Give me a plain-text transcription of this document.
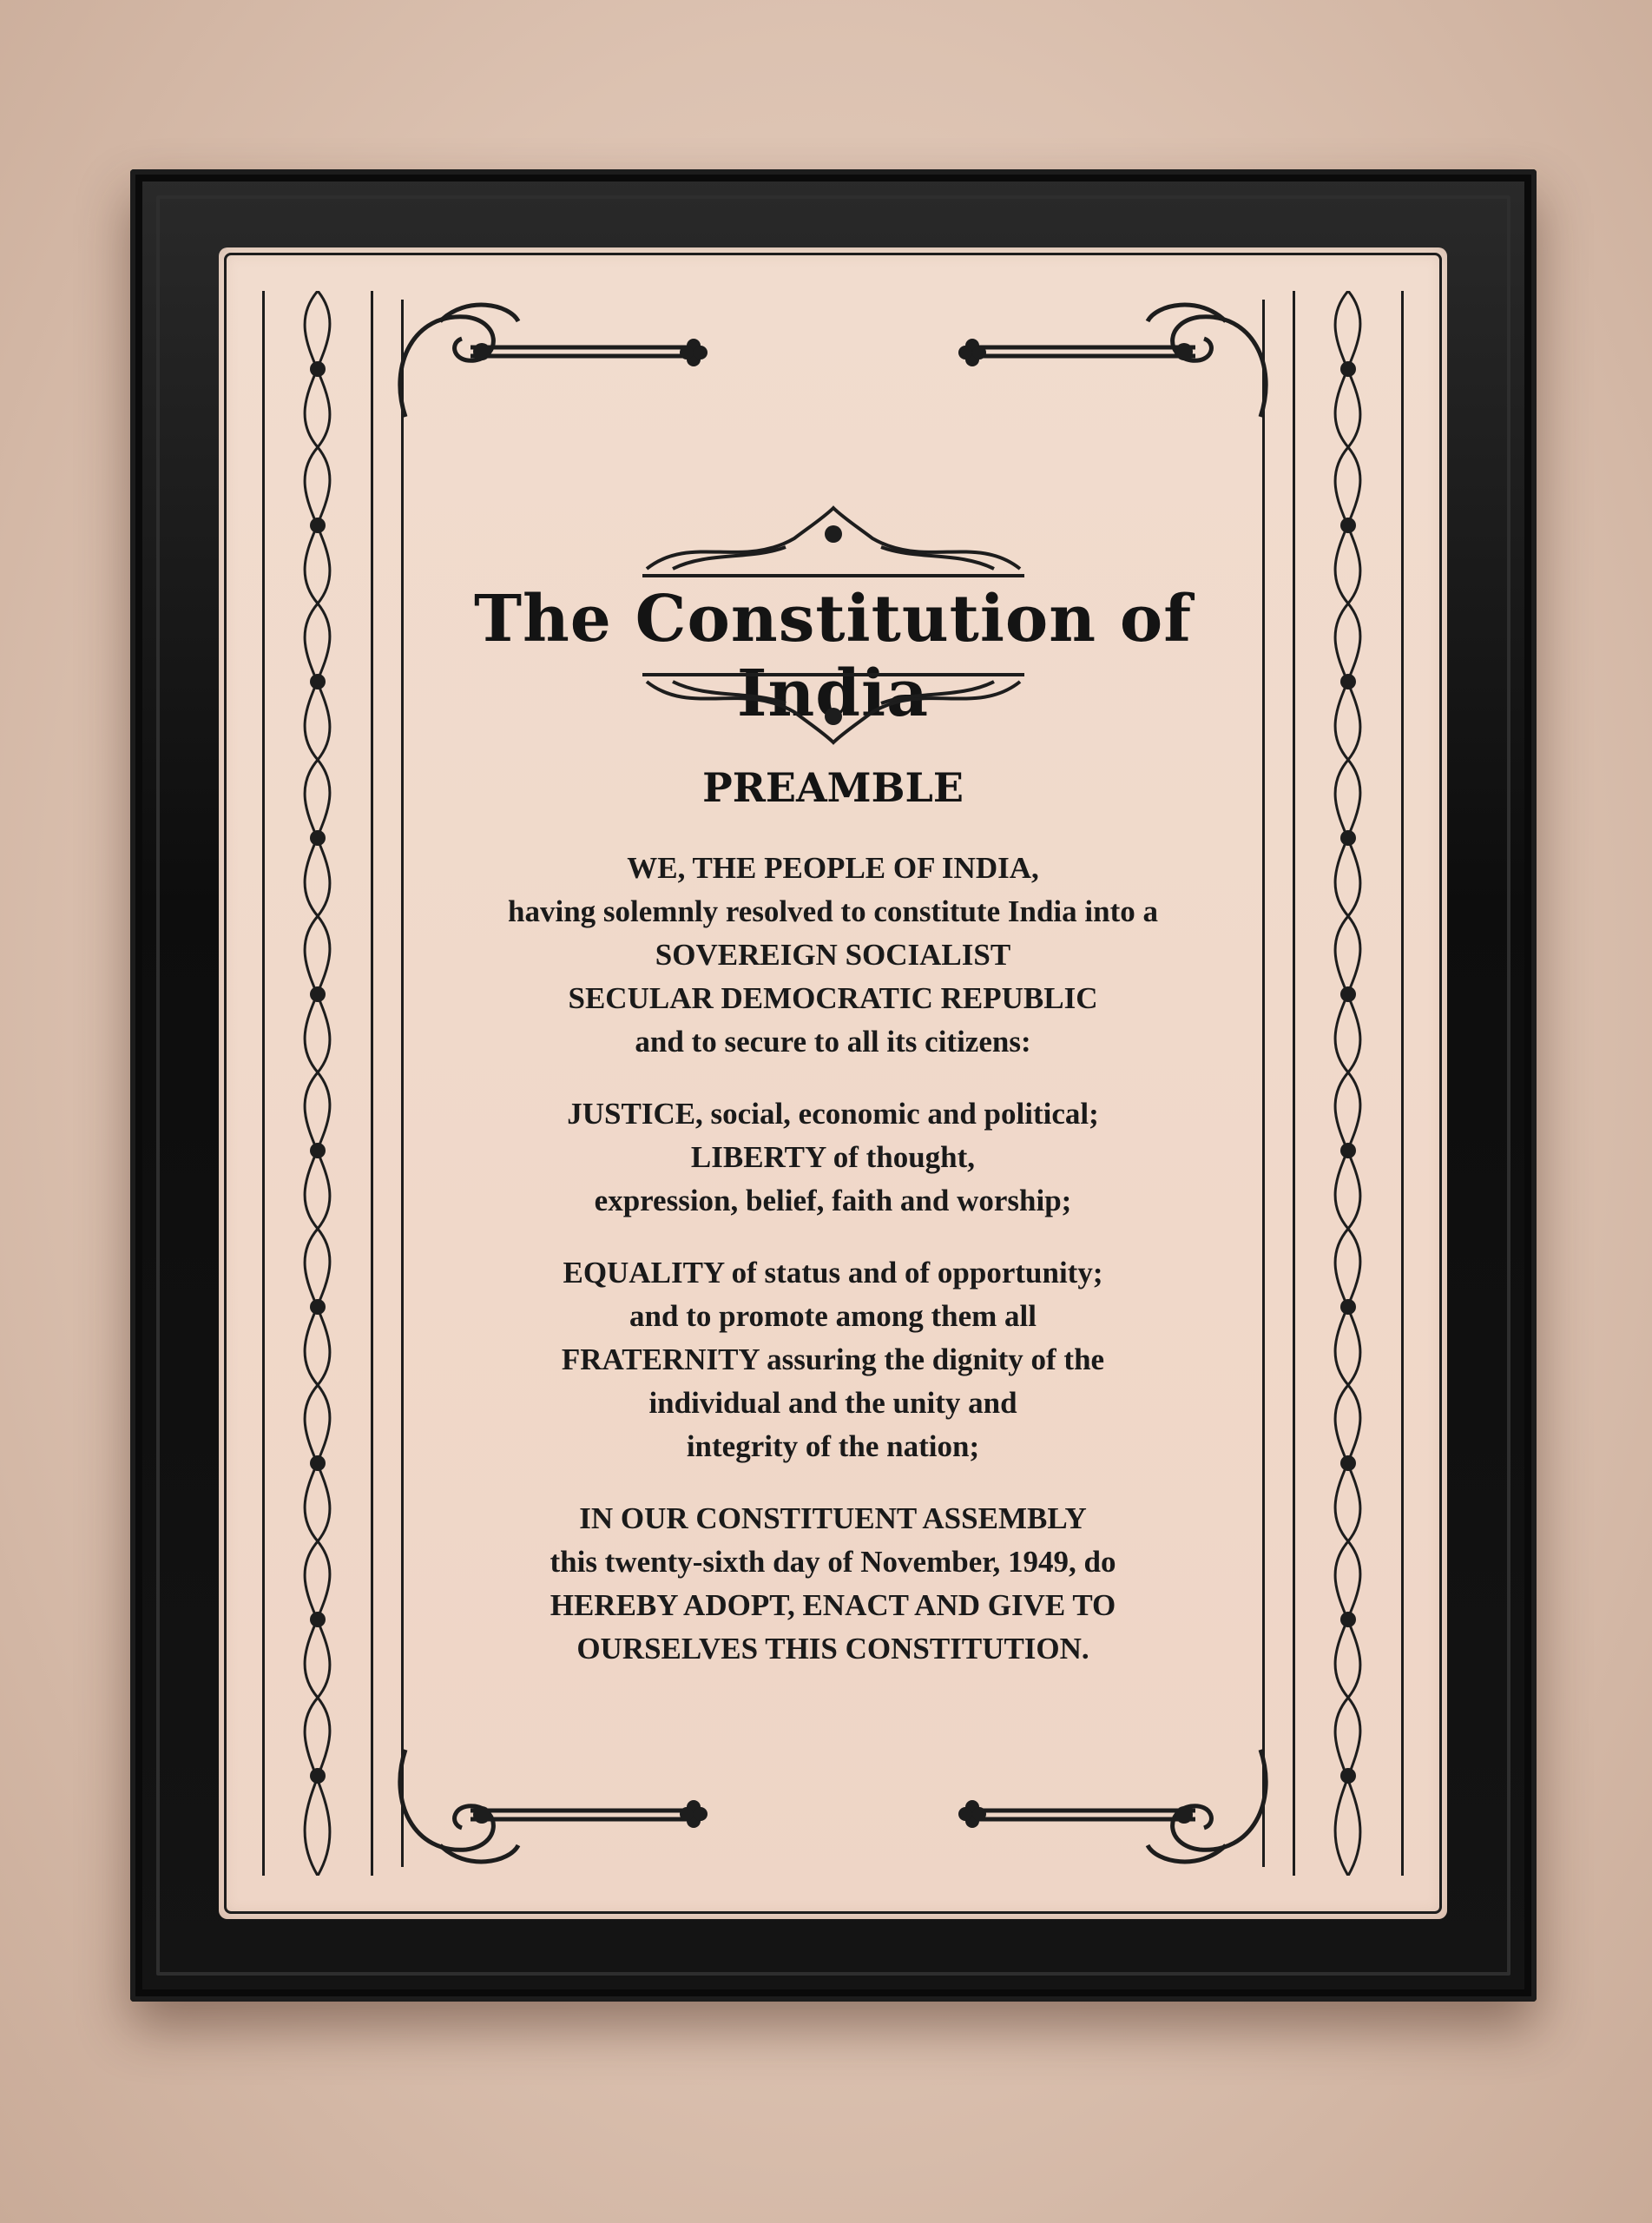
The Constitution of India
PREAMBLE
WE, THE PEOPLE OF INDIA,
having solemnly resolved to constitute India into a
SOVEREIGN SOCIALIST
SECULAR DEMOCRATIC REPUBLIC
and to secure to all its citizens:
JUSTICE, social, economic and political;
LIBERTY of thought,
expression, belief, faith and worship;
EQUALITY of status and of opportunity;
and to promote among them all
FRATERNITY assuring the dignity of the
individual and the unity and
integrity of the nation;
IN OUR CONSTITUENT ASSEMBLY
this twenty-sixth day of November, 1949, do
HEREBY ADOPT, ENACT AND GIVE TO
OURSELVES THIS CONSTITUTION.
